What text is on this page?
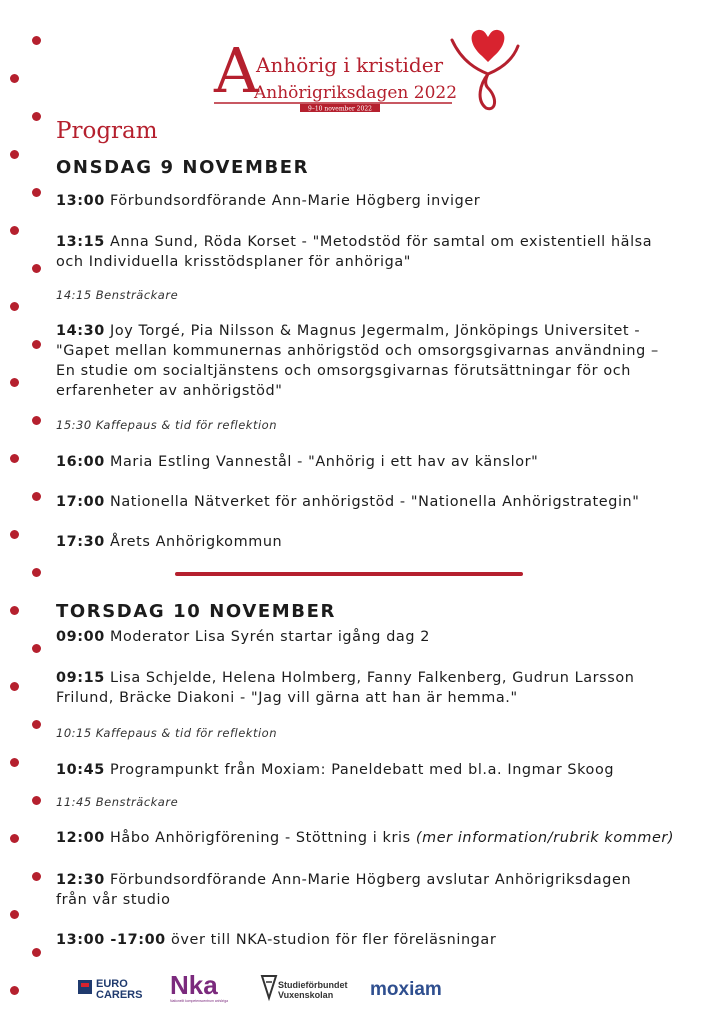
A
Anhörig i kristider
Anhörigriksdagen 2022
9–10 november 2022
Program
ONSDAG 9 NOVEMBER
13:00 Förbundsordförande Ann-Marie Högberg inviger
13:15 Anna Sund, Röda Korset - "Metodstöd för samtal om existentiell hälsa
och Individuella krisstödsplaner för anhöriga"
14:15 Bensträckare
14:30 Joy Torgé, Pia Nilsson & Magnus Jegermalm, Jönköpings Universitet -
"Gapet mellan kommunernas anhörigstöd och omsorgsgivarnas användning –
En studie om socialtjänstens och omsorgsgivarnas förutsättningar för och
erfarenheter av anhörigstöd"
15:30 Kaffepaus & tid för reflektion
16:00 Maria Estling Vannestål - "Anhörig i ett hav av känslor"
17:00 Nationella Nätverket för anhörigstöd - "Nationella Anhörigstrategin"
17:30 Årets Anhörigkommun
TORSDAG 10 NOVEMBER
09:00 Moderator Lisa Syrén startar igång dag 2
09:15 Lisa Schjelde, Helena Holmberg, Fanny Falkenberg, Gudrun Larsson
Frilund, Bräcke Diakoni - "Jag vill gärna att han är hemma."
10:15 Kaffepaus & tid för reflektion
10:45 Programpunkt från Moxiam: Paneldebatt med bl.a. Ingmar Skoog
11:45 Bensträckare
12:00 Håbo Anhörigförening - Stöttning i kris (mer information/rubrik kommer)
12:30 Förbundsordförande Ann-Marie Högberg avslutar Anhörigriksdagen
från vår studio
13:00 -17:00 över till NKA-studion för fler föreläsningar
EURO
CARERS Nka
Nationellt kompetenscentrum anhöriga
Studieförbundet
Vuxenskolan moxiam
